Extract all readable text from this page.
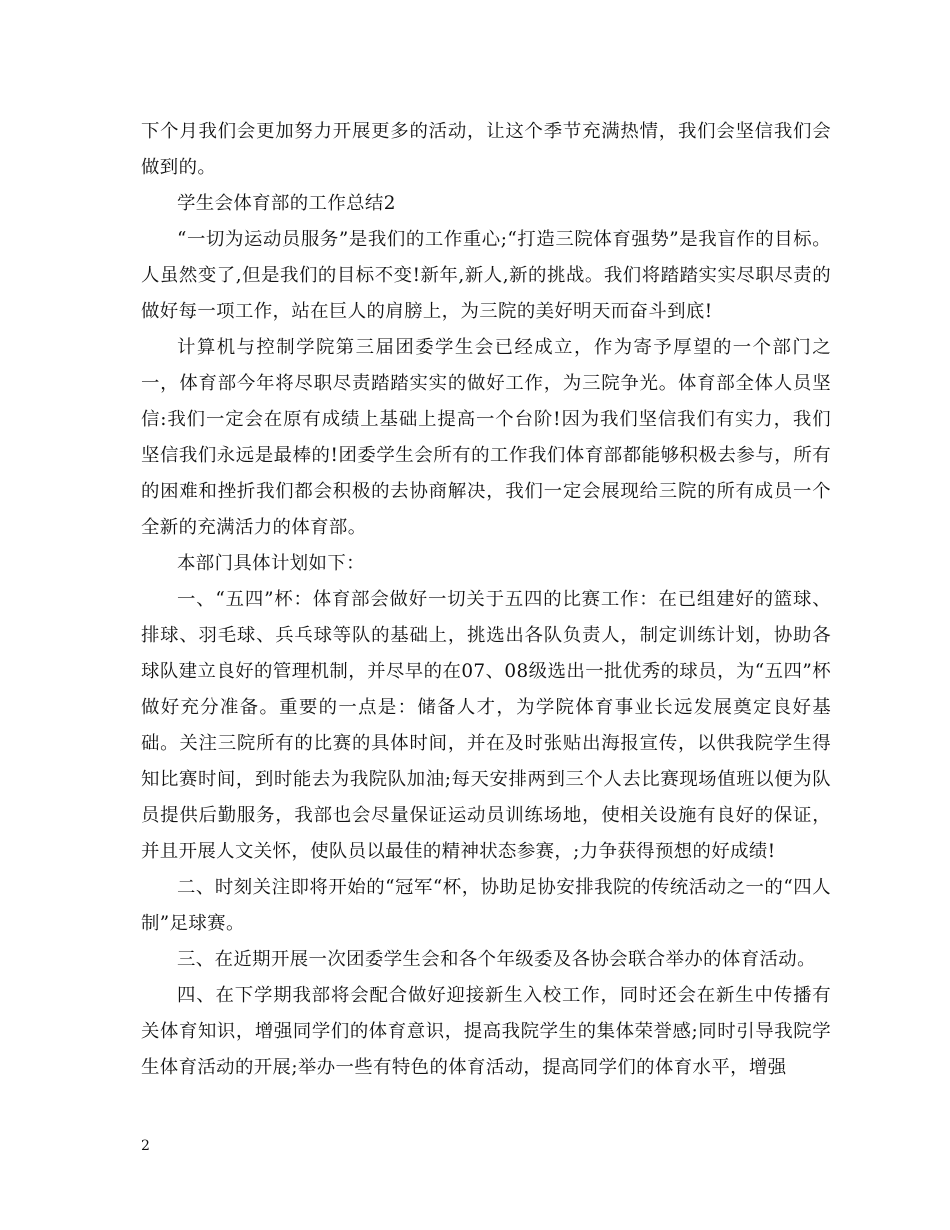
下个月我们会更加努力开展更多的活动，让这个季节充满热情，我们会坚信我们会做到的。

学生会体育部的工作总结2

“一切为运动员服务”是我们的工作重心;“打造三院体育强势”是我盲作的目标。人虽然变了,但是我们的目标不变!新年,新人,新的挑战。我们将踏踏实实尽职尽责的做好每一项工作，站在巨人的肩膀上，为三院的美好明天而奋斗到底!

计算机与控制学院第三届团委学生会已经成立，作为寄予厚望的一个部门之一，体育部今年将尽职尽责踏踏实实的做好工作，为三院争光。体育部全体人员坚信:我们一定会在原有成绩上基础上提高一个台阶!因为我们坚信我们有实力，我们坚信我们永远是最棒的!团委学生会所有的工作我们体育部都能够积极去参与，所有的困难和挫折我们都会积极的去协商解决，我们一定会展现给三院的所有成员一个全新的充满活力的体育部。

本部门具体计划如下：

一、“五四”杯：体育部会做好一切关于五四的比赛工作：在已组建好的篮球、排球、羽毛球、兵乓球等队的基础上，挑选出各队负责人，制定训练计划，协助各球队建立良好的管理机制，并尽早的在07、08级选出一批优秀的球员，为“五四”杯做好充分准备。重要的一点是：储备人才，为学院体育事业长远发展奠定良好基础。关注三院所有的比赛的具体时间，并在及时张贴出海报宣传，以供我院学生得知比赛时间，到时能去为我院队加油;每天安排两到三个人去比赛现场值班以便为队员提供后勤服务，我部也会尽量保证运动员训练场地，使相关设施有良好的保证，并且开展人文关怀，使队员以最佳的精神状态参赛，;力争获得预想的好成绩!

二、时刻关注即将开始的“冠军“杯，协助足协安排我院的传统活动之一的“四人制”足球赛。

三、在近期开展一次团委学生会和各个年级委及各协会联合举办的体育活动。

四、在下学期我部将会配合做好迎接新生入校工作，同时还会在新生中传播有关体育知识，增强同学们的体育意识，提高我院学生的集体荣誉感;同时引导我院学生体育活动的开展;举办一些有特色的体育活动，提高同学们的体育水平，增强

2
